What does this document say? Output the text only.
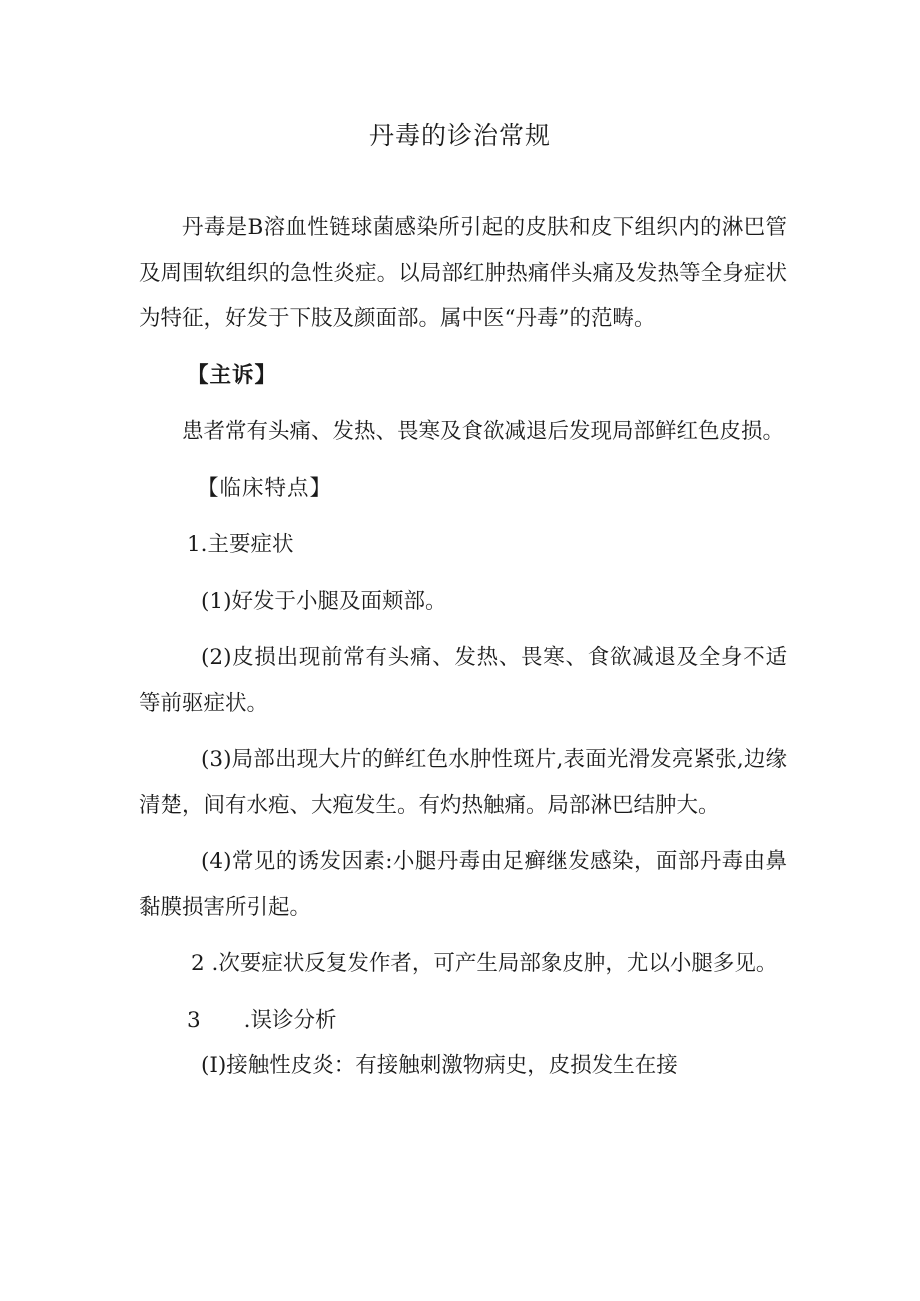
丹毒的诊治常规

丹毒是B溶血性链球菌感染所引起的皮肤和皮下组织内的淋巴管及周围软组织的急性炎症。以局部红肿热痛伴头痛及发热等全身症状为特征，好发于下肢及颜面部。属中医“丹毒”的范畴。

【主诉】

患者常有头痛、发热、畏寒及食欲减退后发现局部鲜红色皮损。

【临床特点】

1.主要症状

(1)好发于小腿及面颊部。

(2)皮损出现前常有头痛、发热、畏寒、食欲减退及全身不适等前驱症状。

(3)局部出现大片的鲜红色水肿性斑片,表面光滑发亮紧张,边缘清楚，间有水疱、大疱发生。有灼热触痛。局部淋巴结肿大。

(4)常见的诱发因素:小腿丹毒由足癣继发感染，面部丹毒由鼻黏膜损害所引起。

2 .次要症状反复发作者，可产生局部象皮肿，尤以小腿多见。

3　　.误诊分析

(I)接触性皮炎：有接触刺激物病史，皮损发生在接
